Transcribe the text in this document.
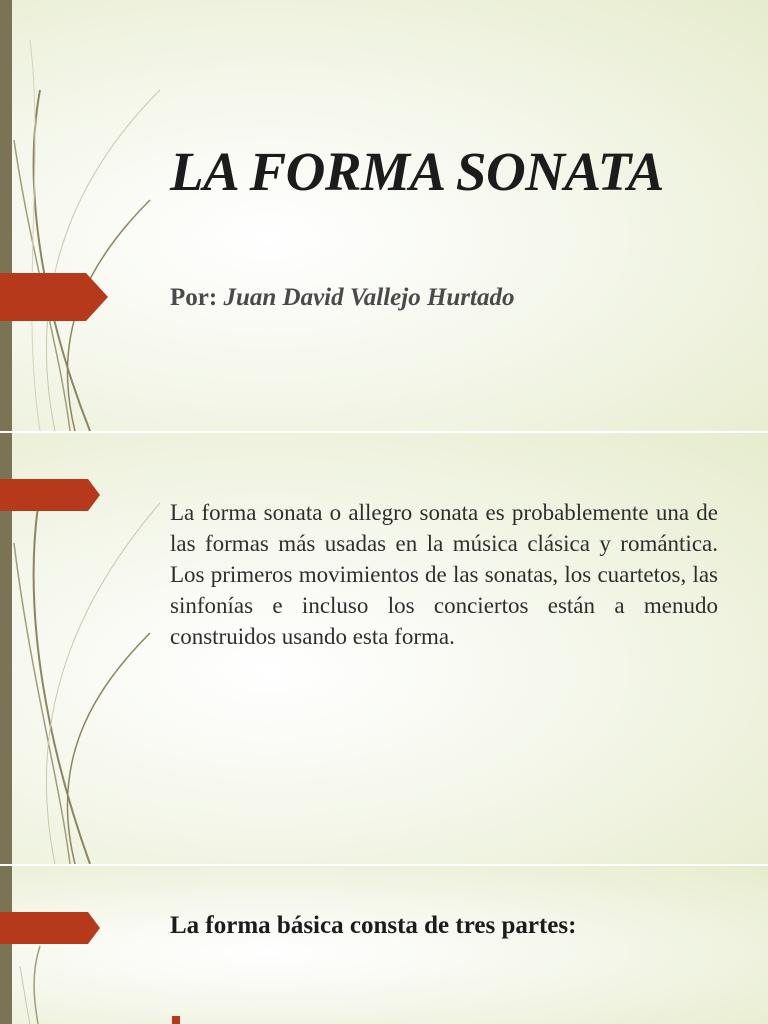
LA FORMA SONATA

Por: Juan David Vallejo Hurtado

La forma sonata o allegro sonata es probablemente una de las formas más usadas en la música clásica y romántica. Los primeros movimientos de las sonatas, los cuartetos, las sinfonías e incluso los conciertos están a menudo construidos usando esta forma.

La forma básica consta de tres partes:
